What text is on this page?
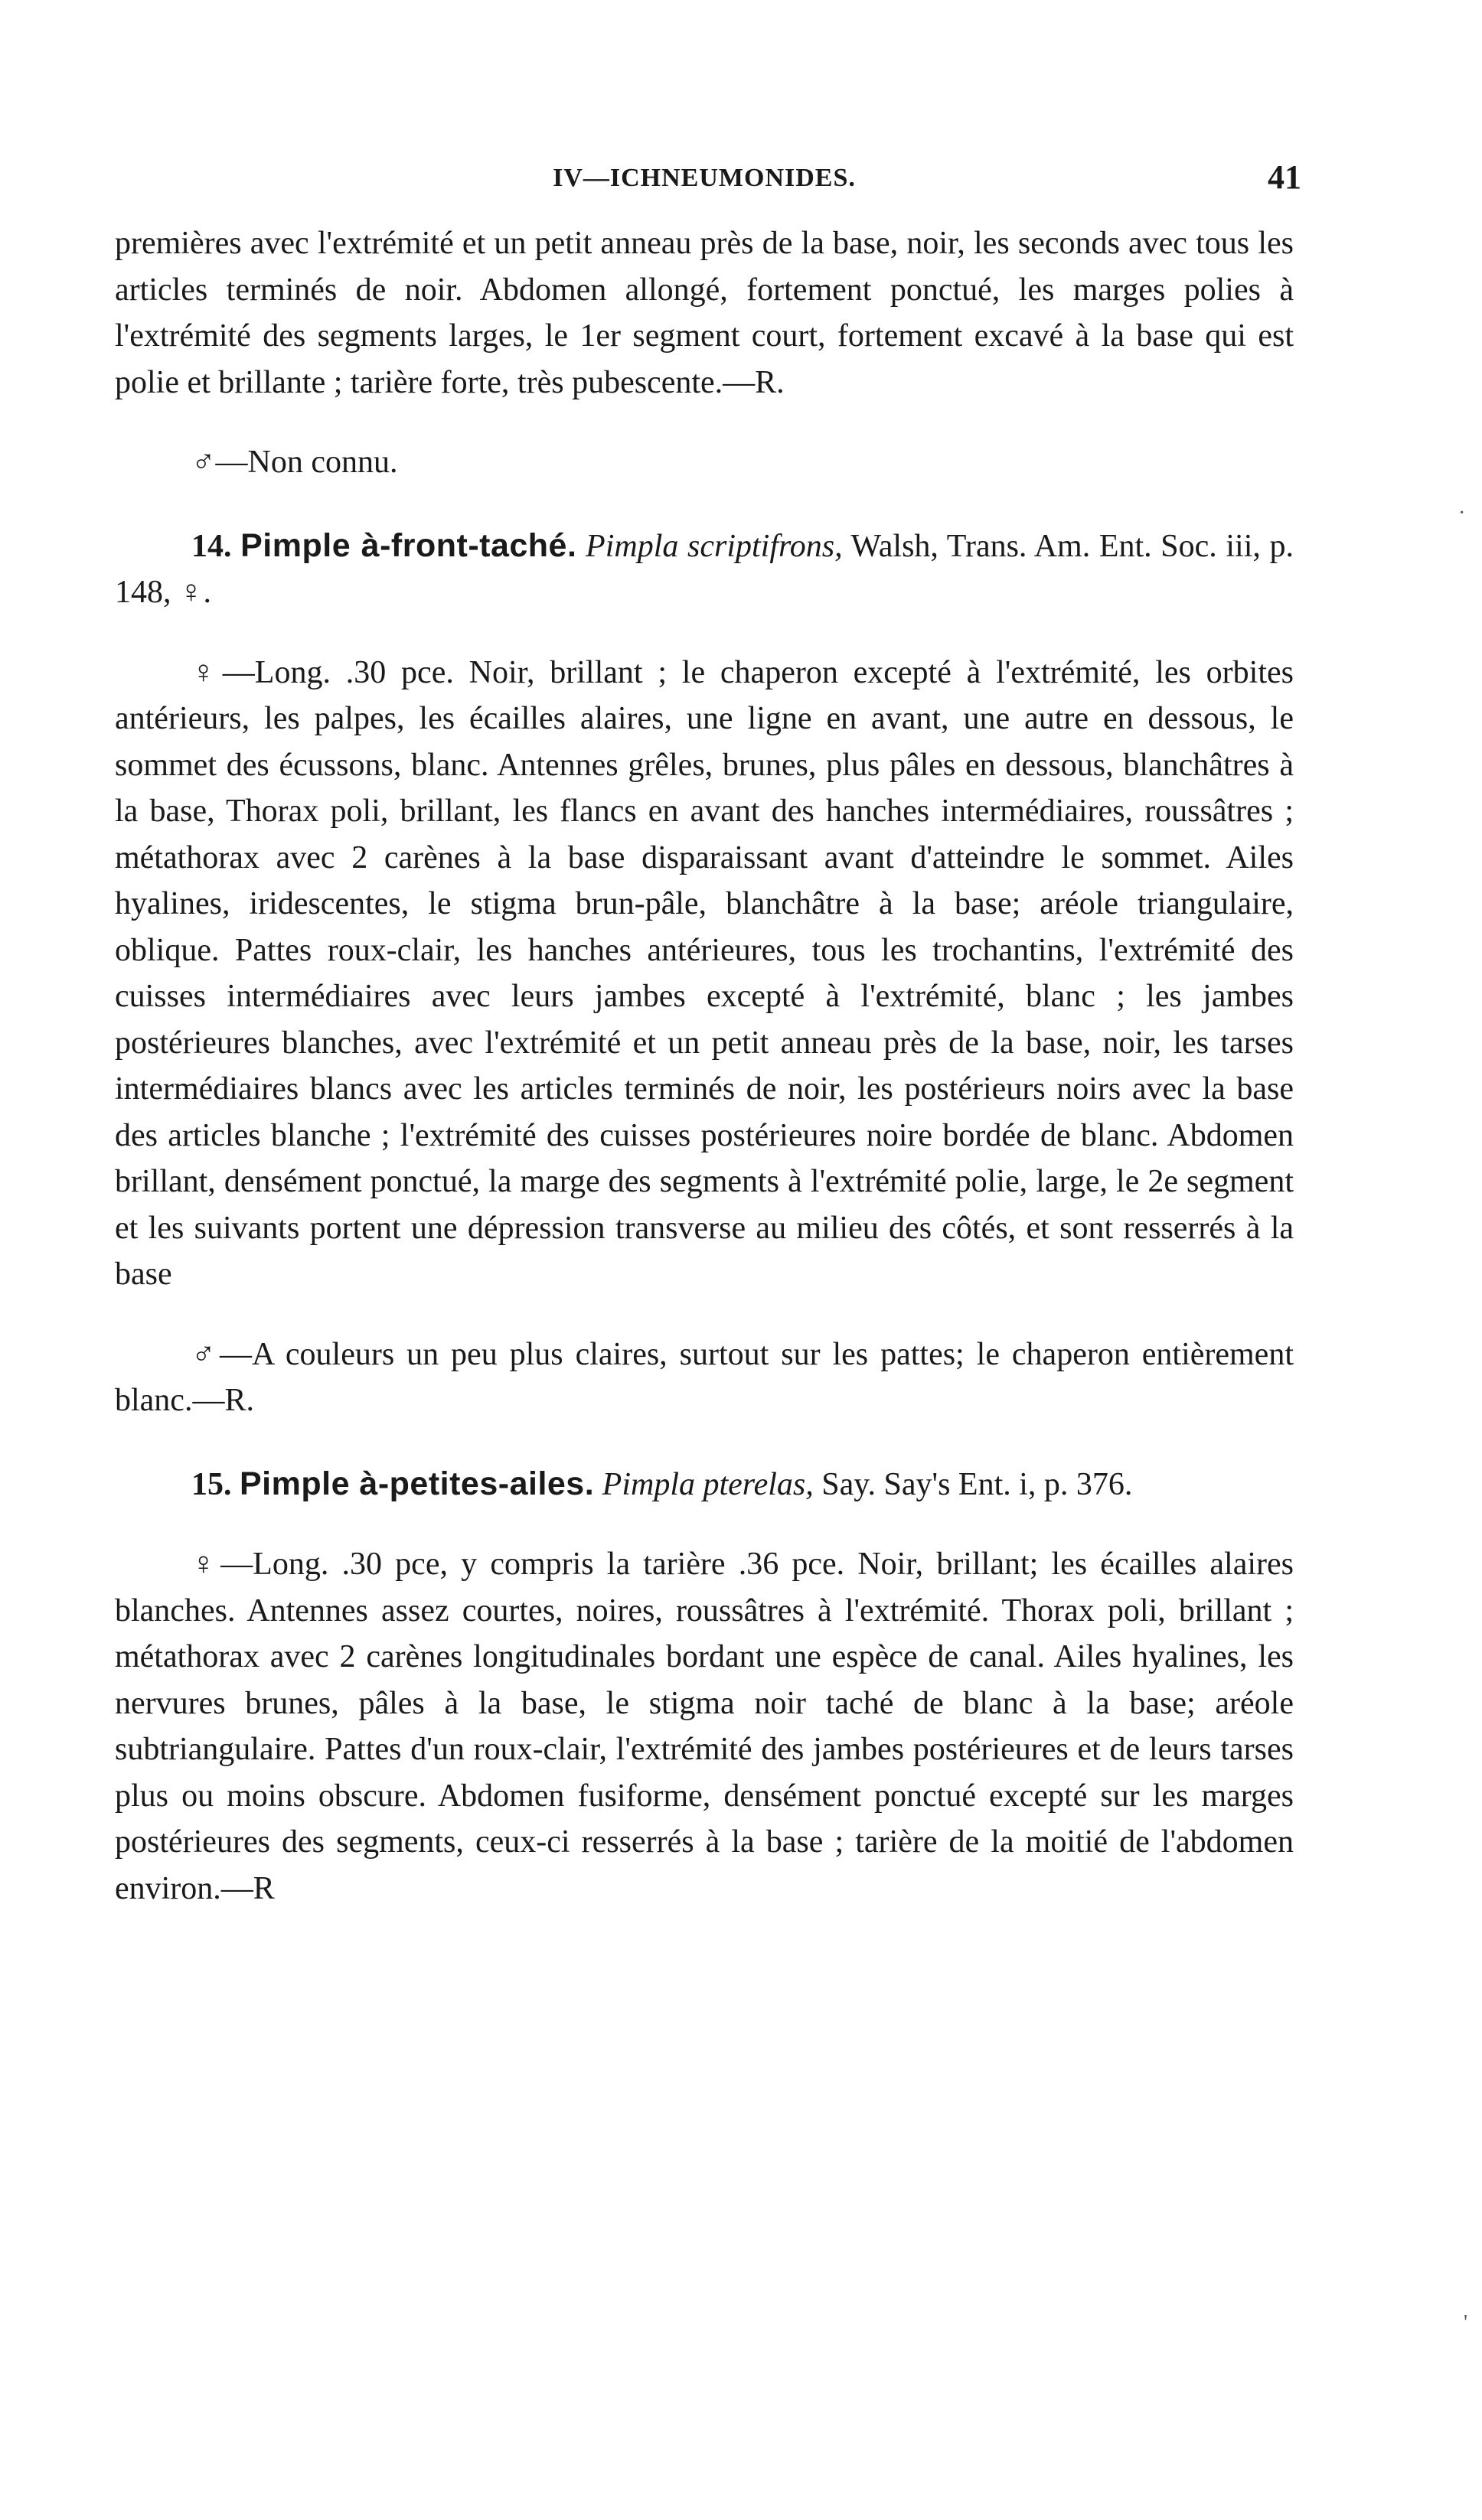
IV—ICHNEUMONIDES.	41

premières avec l'extrémité et un petit anneau près de la base, noir, les seconds avec tous les articles terminés de noir. Abdomen allongé, fortement ponctué, les marges polies à l'extrémité des segments larges, le 1er segment court, fortement excavé à la base qui est polie et brillante ; tarière forte, très pubescente.—R.

♂—Non connu.

14. Pimple à-front-taché. Pimpla scriptifrons, Walsh, Trans. Am. Ent. Soc. iii, p. 148, ♀.

♀—Long. .30 pce. Noir, brillant ; le chaperon excepté à l'extrémité, les orbites antérieurs, les palpes, les écailles alaires, une ligne en avant, une autre en dessous, le sommet des écussons, blanc. Antennes grêles, brunes, plus pâles en dessous, blanchâtres à la base, Thorax poli, brillant, les flancs en avant des hanches intermédiaires, roussâtres ; métathorax avec 2 carènes à la base disparaissant avant d'atteindre le sommet. Ailes hyalines, iridescentes, le stigma brun-pâle, blanchâtre à la base; aréole triangulaire, oblique. Pattes roux-clair, les hanches antérieures, tous les trochantins, l'extrémité des cuisses intermédiaires avec leurs jambes excepté à l'extrémité, blanc ; les jambes postérieures blanches, avec l'extrémité et un petit anneau près de la base, noir, les tarses intermédiaires blancs avec les articles terminés de noir, les postérieurs noirs avec la base des articles blanche ; l'extrémité des cuisses postérieures noire bordée de blanc. Abdomen brillant, densément ponctué, la marge des segments à l'extrémité polie, large, le 2e segment et les suivants portent une dépression transverse au milieu des côtés, et sont resserrés à la base

♂—A couleurs un peu plus claires, surtout sur les pattes; le chaperon entièrement blanc.—R.

15. Pimple à-petites-ailes. Pimpla pterelas, Say. Say's Ent. i, p. 376.

♀—Long. .30 pce, y compris la tarière .36 pce. Noir, brillant; les écailles alaires blanches. Antennes assez courtes, noires, roussâtres à l'extrémité. Thorax poli, brillant ; métathorax avec 2 carènes longitudinales bordant une espèce de canal. Ailes hyalines, les nervures brunes, pâles à la base, le stigma noir taché de blanc à la base; aréole subtriangulaire. Pattes d'un roux-clair, l'extrémité des jambes postérieures et de leurs tarses plus ou moins obscure. Abdomen fusiforme, densément ponctué excepté sur les marges postérieures des segments, ceux-ci resserrés à la base ; tarière de la moitié de l'abdomen environ.—R

·
'
